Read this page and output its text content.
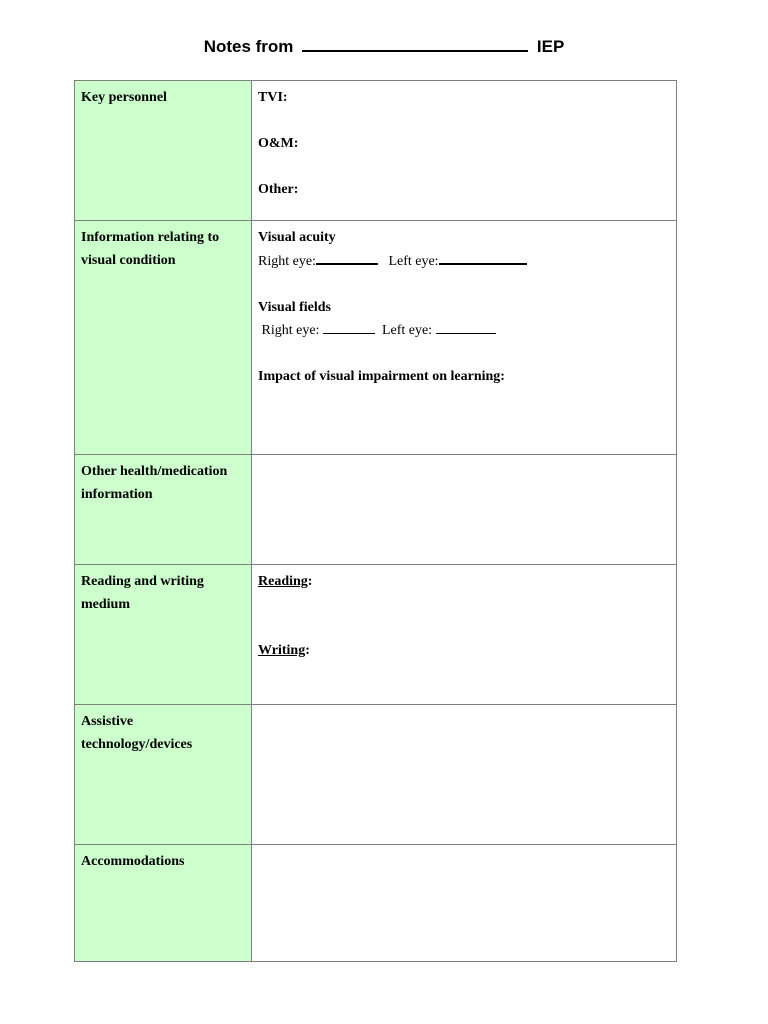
Notes from	IEP
Key personnel	TVI:
O&M:
Other:

Information relating to visual condition	Visual acuity
Right eye: Left eye:
Visual fields
Right eye: Left eye:
Impact of visual impairment on learning:

Other health/medication information	
Reading and writing medium	Reading:
Writing:

Assistive technology/devices	
Accommodations	
